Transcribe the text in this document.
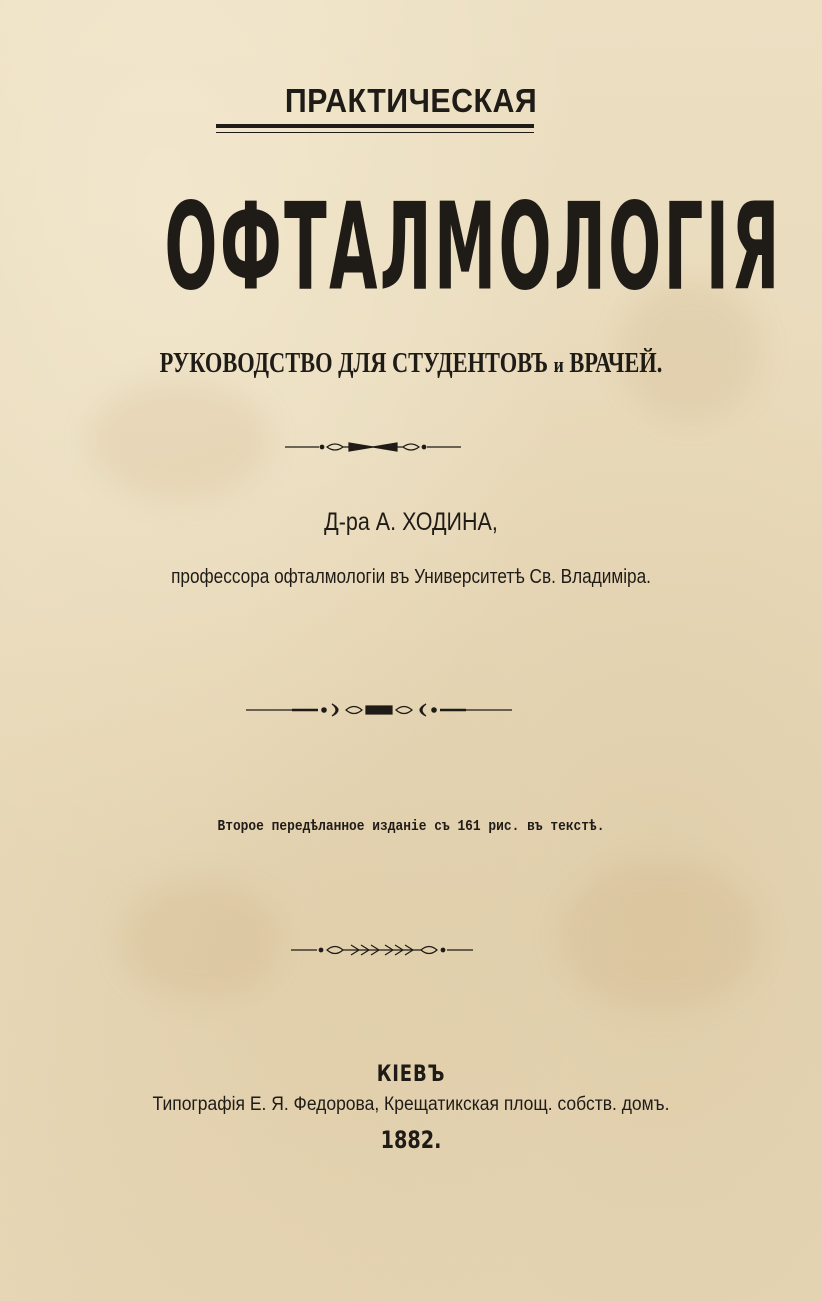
ПРАКТИЧЕСКАЯ
ОФТАЛМОЛОГІЯ
РУКОВОДСТВО ДЛЯ СТУДЕНТОВЪ и ВРАЧЕЙ.
Д-ра А. ХОДИНА,
профессора офталмологіи въ Университетѣ Св. Владиміра.
Второе передѣланное изданіе съ 161 рис. въ текстѣ.
КІЕВЪ
Типографія Е. Я. Федорова, Крещатикская площ. собств. домъ.
1882.
